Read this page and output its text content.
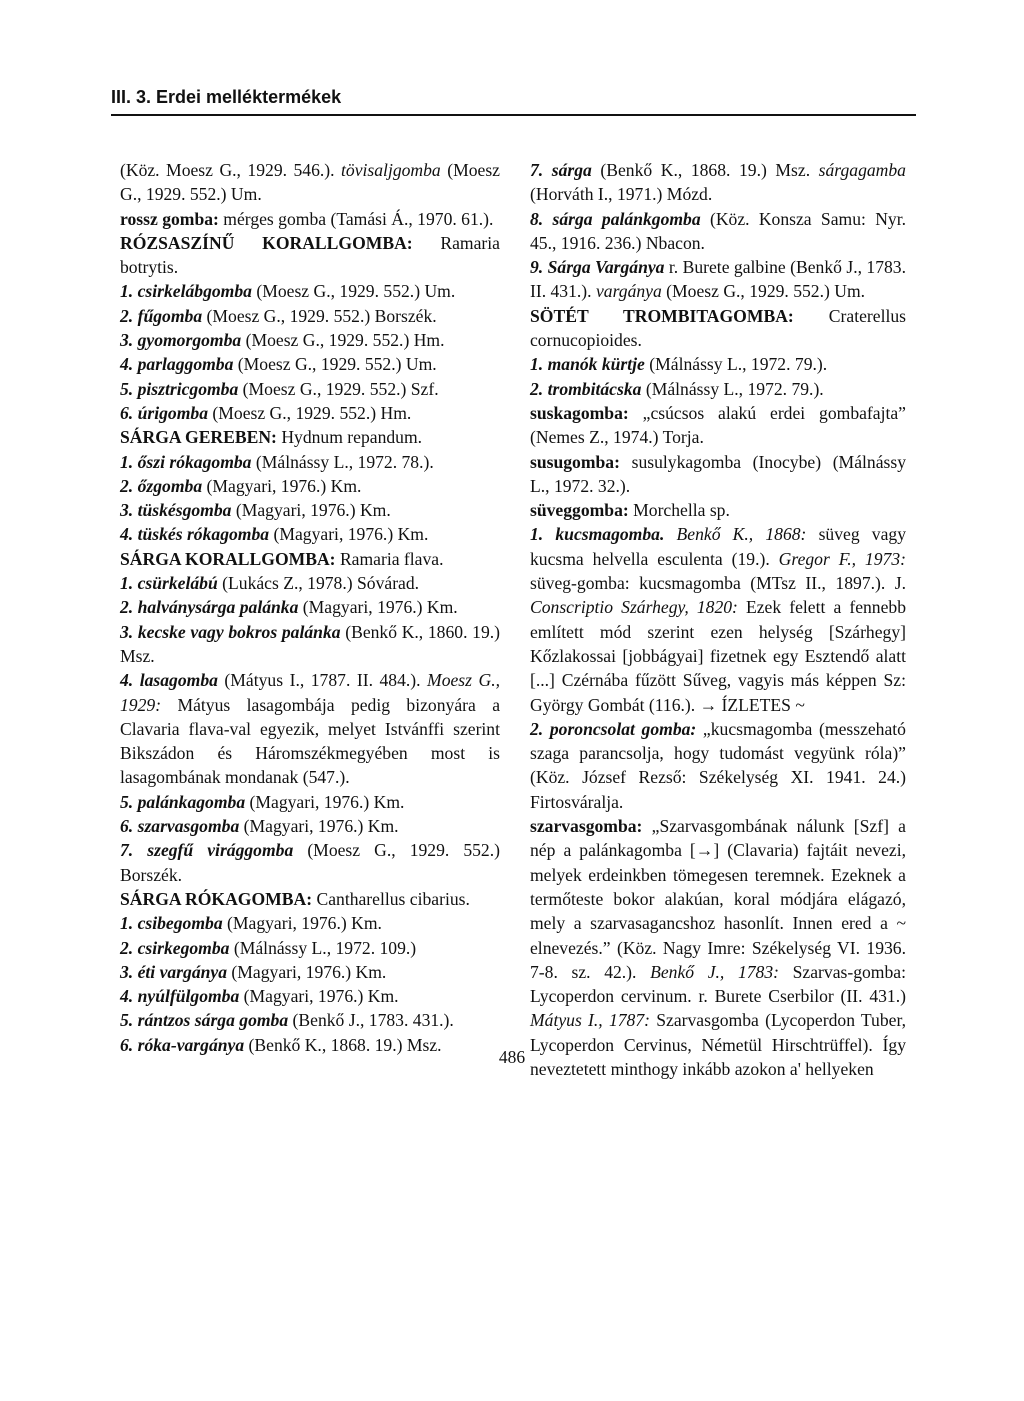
III. 3. Erdei melléktermékek

(Köz. Moesz G., 1929. 546.). tövisaljgomba (Moesz G., 1929. 552.) Um.

rossz gomba: mérges gomba (Tamási Á., 1970. 61.).

RÓZSASZÍNŰ KORALLGOMBA: Ramaria botrytis.

1. csirkelábgomba (Moesz G., 1929. 552.) Um.

2. fűgomba (Moesz G., 1929. 552.) Borszék.

3. gyomorgomba (Moesz G., 1929. 552.) Hm.

4. parlaggomba (Moesz G., 1929. 552.) Um.

5. pisztricgomba (Moesz G., 1929. 552.) Szf.

6. úrigomba (Moesz G., 1929. 552.) Hm.

SÁRGA GEREBEN: Hydnum repandum.

1. őszi rókagomba (Málnássy L., 1972. 78.).

2. őzgomba (Magyari, 1976.) Km.

3. tüskésgomba (Magyari, 1976.) Km.

4. tüskés rókagomba (Magyari, 1976.) Km.

SÁRGA KORALLGOMBA: Ramaria flava.

1. csürkelábú (Lukács Z., 1978.) Sóvárad.

2. halványsárga palánka (Magyari, 1976.) Km.

3. kecske vagy bokros palánka (Benkő K., 1860. 19.) Msz.

4. lasagomba (Mátyus I., 1787. II. 484.). Moesz G., 1929: Mátyus lasagombája pedig bizonyára a Clavaria flava-val egyezik, melyet Istvánffi szerint Bikszádon és Háromszékmegyében most is lasagombának mondanak (547.).

5. palánkagomba (Magyari, 1976.) Km.

6. szarvasgomba (Magyari, 1976.) Km.

7. szegfű virággomba (Moesz G., 1929. 552.) Borszék.

SÁRGA RÓKAGOMBA: Cantharellus cibarius.

1. csibegomba (Magyari, 1976.) Km.

2. csirkegomba (Málnássy L., 1972. 109.)

3. éti vargánya (Magyari, 1976.) Km.

4. nyúlfülgomba (Magyari, 1976.) Km.

5. rántzos sárga gomba (Benkő J., 1783. 431.).

6. róka-vargánya (Benkő K., 1868. 19.) Msz.

7. sárga (Benkő K., 1868. 19.) Msz. sárgagamba (Horváth I., 1971.) Mózd.

8. sárga palánkgomba (Köz. Konsza Samu: Nyr. 45., 1916. 236.) Nbacon.

9. Sárga Vargánya r. Burete galbine (Benkő J., 1783. II. 431.). vargánya (Moesz G., 1929. 552.) Um.

SÖTÉT TROMBITAGOMBA: Craterellus cornucopioides.

1. manók kürtje (Málnássy L., 1972. 79.).

2. trombitácska (Málnássy L., 1972. 79.).

suskagomba: „csúcsos alakú erdei gombafajta” (Nemes Z., 1974.) Torja.

susugomba: susulykagomba (Inocybe) (Málnássy L., 1972. 32.).

süveggomba: Morchella sp.

1. kucsmagomba. Benkő K., 1868: süveg vagy kucsma helvella esculenta (19.). Gregor F., 1973: süveg-gomba: kucsmagomba (MTsz II., 1897.). J. Conscriptio Szárhegy, 1820: Ezek felett a fennebb említett mód szerint ezen helység [Szárhegy] Kőzlakossai [jobbágyai] fizetnek egy Esztendő alatt [...] Czérnába fűzött Sűveg, vagyis más képpen Sz: György Gombát (116.). → ÍZLETES ~

2. poroncsolat gomba: „kucsmagomba (messzeható szaga parancsolja, hogy tudomást vegyünk róla)” (Köz. József Rezső: Székelység XI. 1941. 24.) Firtosváralja.

szarvasgomba: „Szarvasgombának nálunk [Szf] a nép a palánkagomba [→] (Clavaria) fajtáit nevezi, melyek erdeinkben tömegesen teremnek. Ezeknek a termőteste bokor alakúan, koral módjára elágazó, mely a szarvasagancshoz hasonlít. Innen ered a ~ elnevezés.” (Köz. Nagy Imre: Székelység VI. 1936. 7-8. sz. 42.). Benkő J., 1783: Szarvas-gomba: Lycoperdon cervinum. r. Burete Cserbilor (II. 431.) Mátyus I., 1787: Szarvasgomba (Lycoperdon Tuber, Lycoperdon Cervinus, Németül Hirschtrüffel). Így neveztetett minthogy inkább azokon a' hellyeken

486
